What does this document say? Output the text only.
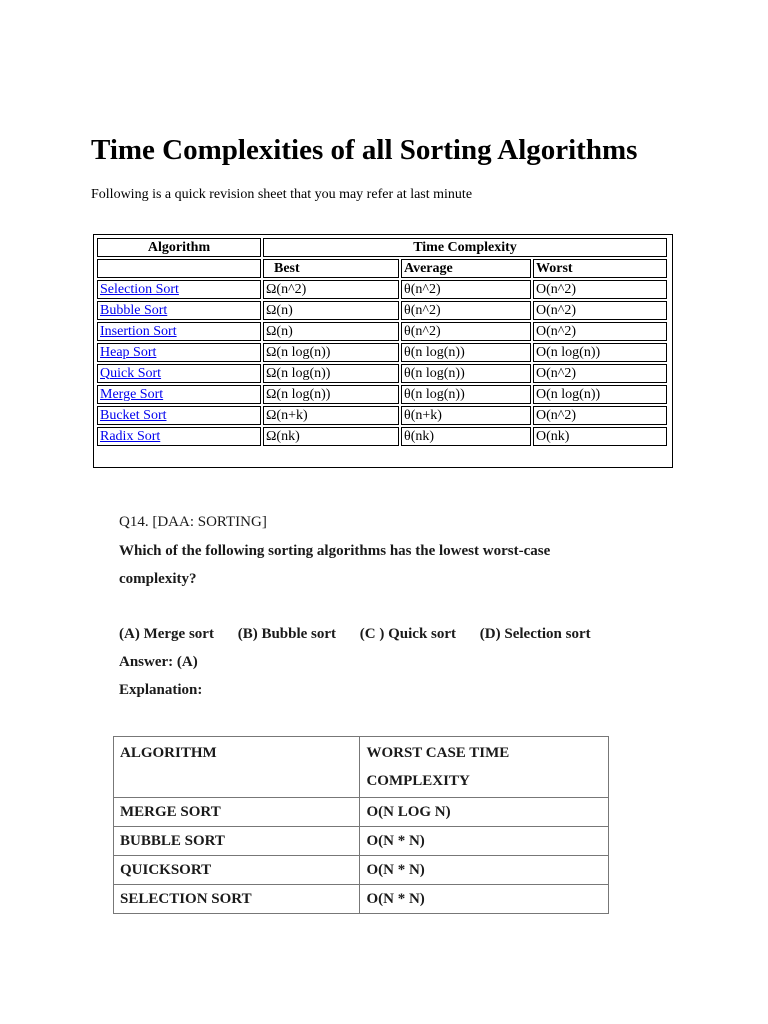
Time Complexities of all Sorting Algorithms
Following is a quick revision sheet that you may refer at last minute
Algorithm	Time Complexity		
	Best	Average	Worst
Selection Sort	Ω(n^2)	θ(n^2)	O(n^2)
Bubble Sort	Ω(n)	θ(n^2)	O(n^2)
Insertion Sort	Ω(n)	θ(n^2)	O(n^2)
Heap Sort	Ω(n log(n))	θ(n log(n))	O(n log(n))
Quick Sort	Ω(n log(n))	θ(n log(n))	O(n^2)
Merge Sort	Ω(n log(n))	θ(n log(n))	O(n log(n))
Bucket Sort	Ω(n+k)	θ(n+k)	O(n^2)
Radix Sort	Ω(nk)	θ(nk)	O(nk)
Q14. [DAA: SORTING]
Which of the following sorting algorithms has the lowest worst-case
complexity?
(A) Merge sort (B) Bubble sort (C ) Quick sort (D) Selection sort
Answer: (A)
Explanation:
ALGORITHM	WORST CASE TIME
COMPLEXITY
MERGE SORT	O(N LOG N)
BUBBLE SORT	O(N * N)
QUICKSORT	O(N * N)
SELECTION SORT	O(N * N)
